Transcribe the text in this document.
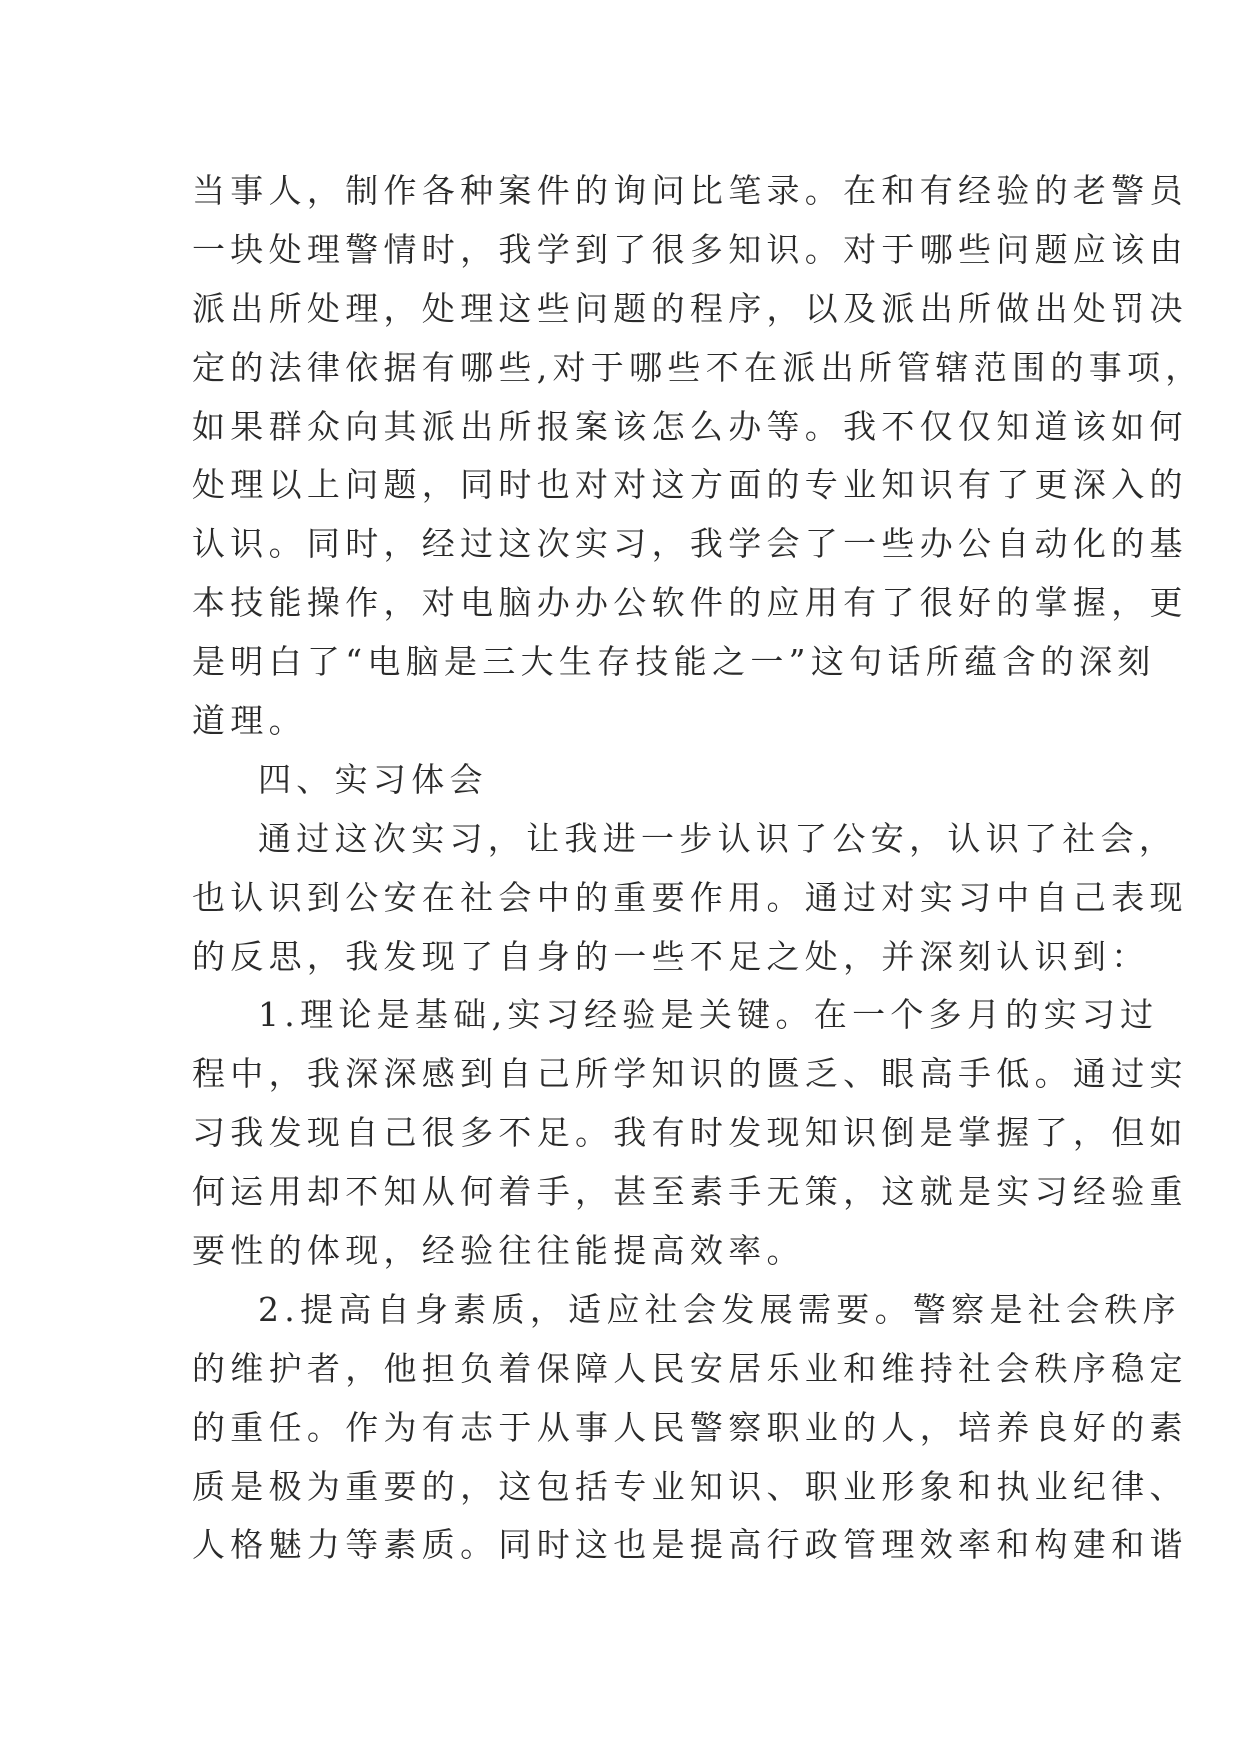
当事人，制作各种案件的询问比笔录。在和有经验的老警员
一块处理警情时，我学到了很多知识。对于哪些问题应该由
派出所处理，处理这些问题的程序，以及派出所做出处罚决
定的法律依据有哪些,对于哪些不在派出所管辖范围的事项，
如果群众向其派出所报案该怎么办等。我不仅仅知道该如何
处理以上问题，同时也对对这方面的专业知识有了更深入的
认识。同时，经过这次实习，我学会了一些办公自动化的基
本技能操作，对电脑办办公软件的应用有了很好的掌握，更
是明白了“电脑是三大生存技能之一”这句话所蕴含的深刻
道理。
四、实习体会
通过这次实习，让我进一步认识了公安，认识了社会，
也认识到公安在社会中的重要作用。通过对实习中自己表现
的反思，我发现了自身的一些不足之处，并深刻认识到：
1.理论是基础,实习经验是关键。在一个多月的实习过
程中，我深深感到自己所学知识的匮乏、眼高手低。通过实
习我发现自己很多不足。我有时发现知识倒是掌握了，但如
何运用却不知从何着手，甚至素手无策，这就是实习经验重
要性的体现，经验往往能提高效率。
2.提高自身素质，适应社会发展需要。警察是社会秩序
的维护者，他担负着保障人民安居乐业和维持社会秩序稳定
的重任。作为有志于从事人民警察职业的人，培养良好的素
质是极为重要的，这包括专业知识、职业形象和执业纪律、
人格魅力等素质。同时这也是提高行政管理效率和构建和谐
